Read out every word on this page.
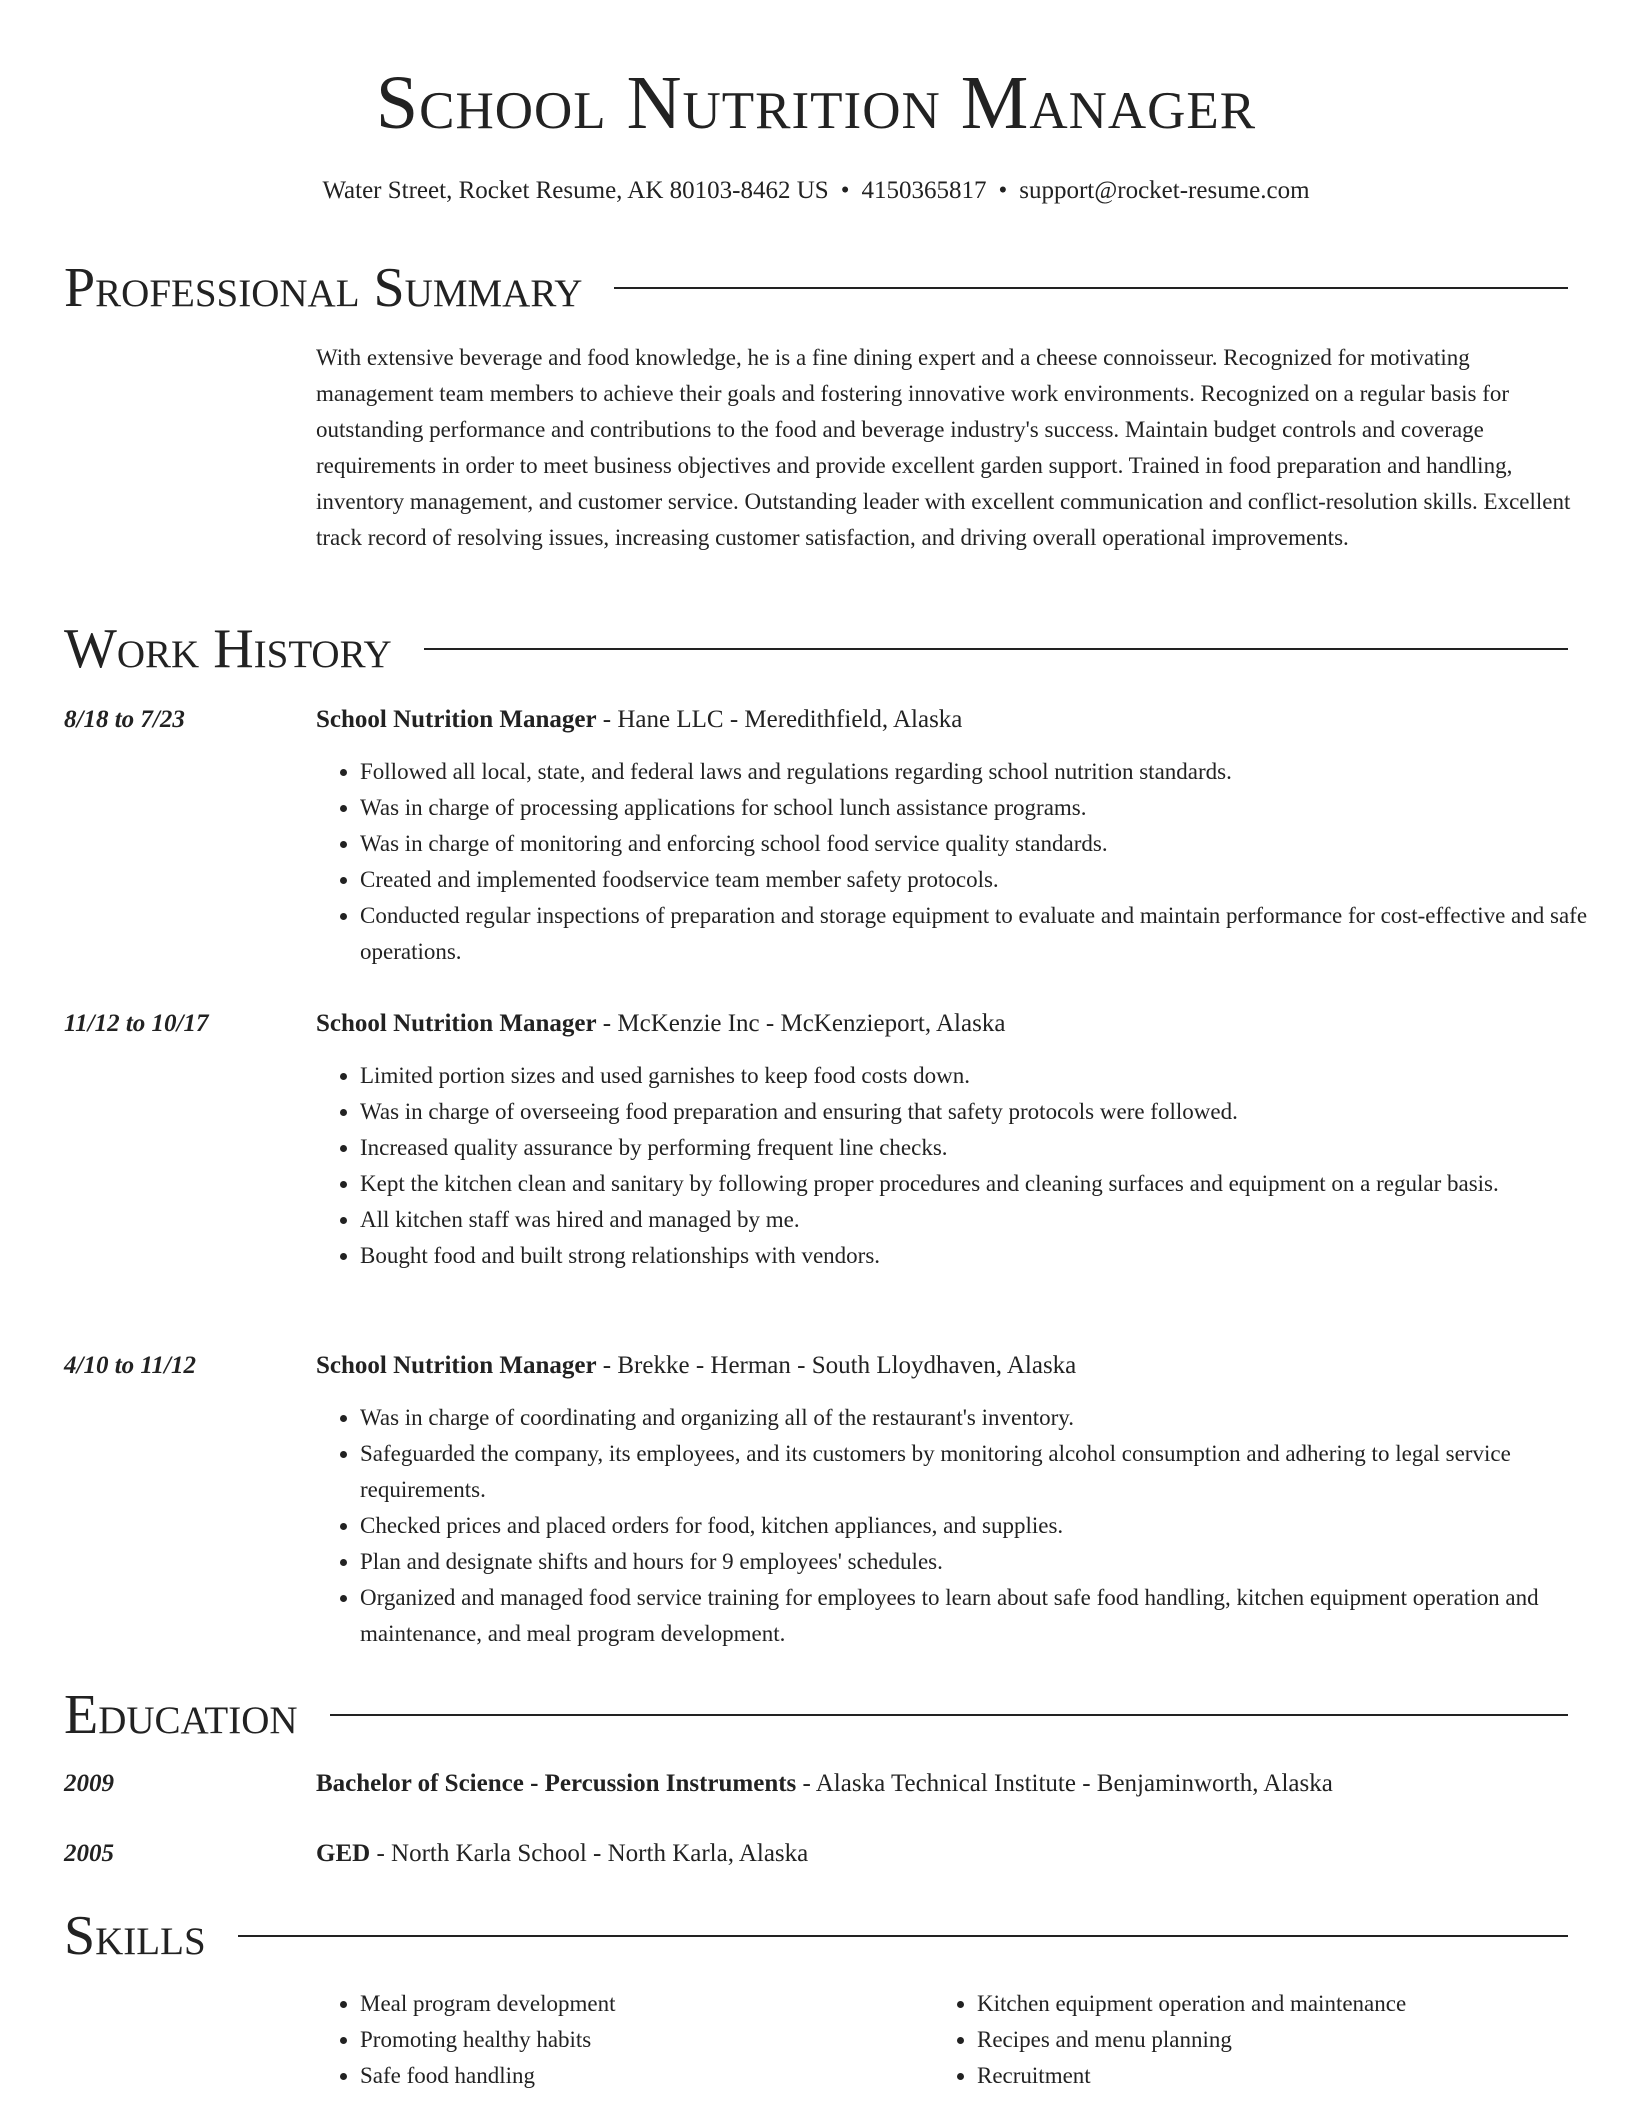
School Nutrition Manager
Water Street, Rocket Resume, AK 80103-8462 US • 4150365817 • support@rocket-resume.com
Professional Summary

With extensive beverage and food knowledge, he is a fine dining expert and a cheese connoisseur. Recognized for motivating management team members to achieve their goals and fostering innovative work environments. Recognized on a regular basis for outstanding performance and contributions to the food and beverage industry's success. Maintain budget controls and coverage requirements in order to meet business objectives and provide excellent garden support. Trained in food preparation and handling, inventory management, and customer service. Outstanding leader with excellent communication and conflict-resolution skills. Excellent track record of resolving issues, increasing customer satisfaction, and driving overall operational improvements.

Work History
8/18 to 7/23	School Nutrition Manager - Hane LLC - Meredithfield, Alaska
• Followed all local, state, and federal laws and regulations regarding school nutrition standards.
• Was in charge of processing applications for school lunch assistance programs.
• Was in charge of monitoring and enforcing school food service quality standards.
• Created and implemented foodservice team member safety protocols.
• Conducted regular inspections of preparation and storage equipment to evaluate and maintain performance for cost-effective and safe operations.
11/12 to 10/17	School Nutrition Manager - McKenzie Inc - McKenzieport, Alaska
• Limited portion sizes and used garnishes to keep food costs down.
• Was in charge of overseeing food preparation and ensuring that safety protocols were followed.
• Increased quality assurance by performing frequent line checks.
• Kept the kitchen clean and sanitary by following proper procedures and cleaning surfaces and equipment on a regular basis.
• All kitchen staff was hired and managed by me.
• Bought food and built strong relationships with vendors.
4/10 to 11/12	School Nutrition Manager - Brekke - Herman - South Lloydhaven, Alaska
• Was in charge of coordinating and organizing all of the restaurant's inventory.
• Safeguarded the company, its employees, and its customers by monitoring alcohol consumption and adhering to legal service requirements.
• Checked prices and placed orders for food, kitchen appliances, and supplies.
• Plan and designate shifts and hours for 9 employees' schedules.
• Organized and managed food service training for employees to learn about safe food handling, kitchen equipment operation and maintenance, and meal program development.
Education
2009	Bachelor of Science - Percussion Instruments - Alaska Technical Institute - Benjaminworth, Alaska
2005	GED - North Karla School - North Karla, Alaska
Skills
• Meal program development
• Promoting healthy habits
• Safe food handling
• Kitchen equipment operation and maintenance
• Recipes and menu planning
• Recruitment
